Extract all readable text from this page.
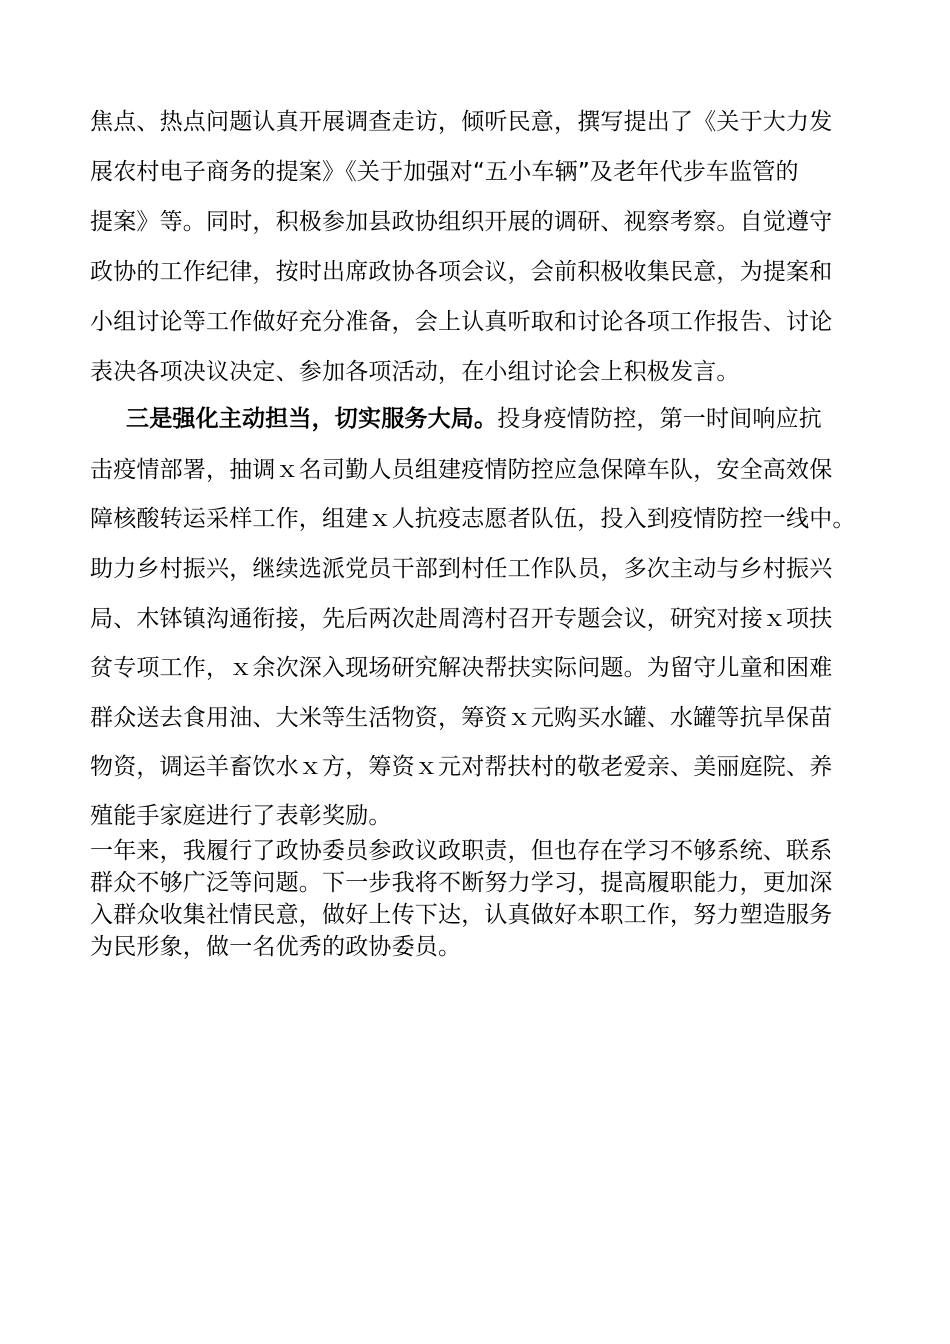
焦点、热点问题认真开展调查走访，倾听民意，撰写提出了《关于大力发
展农村电子商务的提案》《关于加强对“五小车辆”及老年代步车监管的
提案》等。同时，积极参加县政协组织开展的调研、视察考察。自觉遵守
政协的工作纪律，按时出席政协各项会议，会前积极收集民意，为提案和
小组讨论等工作做好充分准备，会上认真听取和讨论各项工作报告、讨论
表决各项决议决定、参加各项活动，在小组讨论会上积极发言。
三是强化主动担当，切实服务大局。投身疫情防控，第一时间响应抗
击疫情部署，抽调ｘ名司勤人员组建疫情防控应急保障车队，安全高效保
障核酸转运采样工作，组建ｘ人抗疫志愿者队伍，投入到疫情防控一线中。
助力乡村振兴，继续选派党员干部到村任工作队员，多次主动与乡村振兴
局、木钵镇沟通衔接，先后两次赴周湾村召开专题会议，研究对接ｘ项扶
贫专项工作，ｘ余次深入现场研究解决帮扶实际问题。为留守儿童和困难
群众送去食用油、大米等生活物资，筹资ｘ元购买水罐、水罐等抗旱保苗
物资，调运羊畜饮水ｘ方，筹资ｘ元对帮扶村的敬老爱亲、美丽庭院、养
殖能手家庭进行了表彰奖励。
一年来，我履行了政协委员参政议政职责，但也存在学习不够系统、联系
群众不够广泛等问题。下一步我将不断努力学习，提高履职能力，更加深
入群众收集社情民意，做好上传下达，认真做好本职工作，努力塑造服务
为民形象，做一名优秀的政协委员。
